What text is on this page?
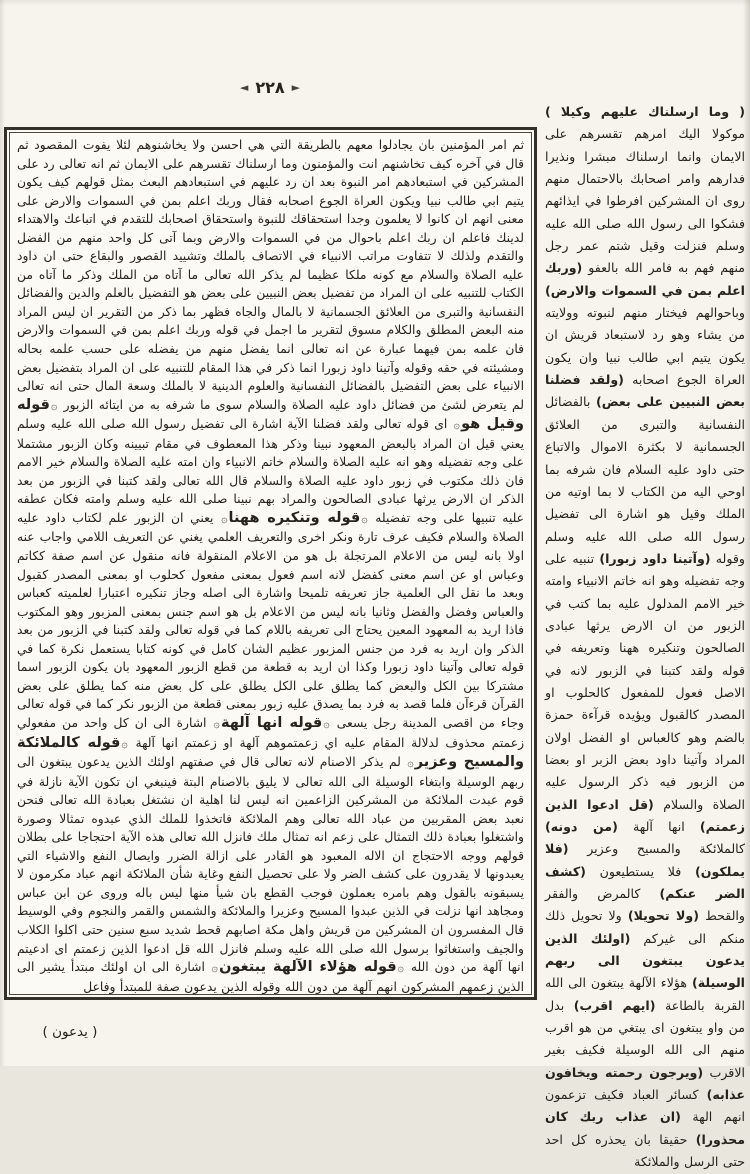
◄ ٢٢٨ ►
ثم امر المؤمنين بان يجادلوا معهم بالطريقة التي هي احسن ولا يخاشنوهم لئلا يفوت المقصود ثم قال في آخره كيف تخاشنهم انت والمؤمنون وما ارسلناك تقسرهم على الايمان ثم انه تعالى رد على المشركين في استبعادهم امر النبوة بعد ان رد عليهم في استبعادهم البعث بمثل قولهم كيف يكون يتيم ابي طالب نبيا ويكون العراة الجوع اصحابه فقال وربك اعلم بمن في السموات والارض على معنى انهم ان كانوا لا يعلمون وجدا استحقاقك للنبوة واستحقاق اصحابك للتقدم في اتباعك والاهتداء لدينك فاعلم ان ربك اعلم باحوال من في السموات والارض وبما آتى كل واحد منهم من الفضل والتقدم ولذلك لا تتفاوت مراتب الانبياء في الاتصاف بالملك وتشييد القصور والبقاع حتى ان داود عليه الصلاة والسلام مع كونه ملكا عظيما لم يذكر الله تعالى ما آتاه من الملك وذكر ما آتاه من الكتاب للتنبيه على ان المراد من تفضيل بعض النبيين على بعض هو التفضيل بالعلم والدين والفضائل النفسانية والتبرى من العلائق الجسمانية لا بالمال والجاه فظهر بما ذكر من التقرير ان ليس المراد منه البعض المطلق والكلام مسوق لتقرير ما اجمل في قوله وربك اعلم بمن في السموات والارض فان علمه بمن فيهما عبارة عن انه تعالى انما يفضل منهم من يفضله على حسب علمه بحاله ومشيئته في حقه وقوله وآتينا داود زبورا انما ذكر في هذا المقام للتنبيه على ان المراد بتفضيل بعض الانبياء على بعض التفضيل بالفضائل النفسانية والعلوم الدينية لا بالملك وسعة المال حتى انه تعالى لم يتعرض لشئ من فضائل داود عليه الصلاة والسلام سوى ما شرفه به من ايتائه الزبور ۞قوله وقيل هو۞ اى قوله تعالى ولقد فضلنا الآية اشارة الى تفضيل رسول الله صلى الله عليه وسلم يعني قيل ان المراد بالبعض المعهود نبينا وذكر هذا المعطوف في مقام تبيينه وكان الزبور مشتملا على وجه تفضيله وهو انه عليه الصلاة والسلام خاتم الانبياء وان امته عليه الصلاة والسلام خير الامم فان ذلك مكتوب في زبور داود عليه الصلاة والسلام قال الله تعالى ولقد كتبنا في الزبور من بعد الذكر ان الارض يرثها عبادى الصالحون والمراد بهم نبينا صلى الله عليه وسلم وامته فكان عطفه عليه تنبيها على وجه تفضيله ۞قوله وتنكيره ههنا۞ يعني ان الزبور علم لكتاب داود عليه الصلاة والسلام فكيف عرف تارة ونكر اخرى والتعريف العلمي يغني عن التعريف اللامي واجاب عنه اولا بانه ليس من الاعلام المرتجلة بل هو من الاعلام المنقولة فانه منقول عن اسم صفة ككاتم وعباس او عن اسم معنى كفضل لانه اسم فعول بمعنى مفعول كحلوب او بمعنى المصدر كقبول وبعد ما نقل الى العلمية جاز تعريفه تلميحا واشارة الى اصله وجاز تنكيره اعتبارا لعلميته كعباس والعباس وفضل والفضل وثانيا بانه ليس من الاعلام بل هو اسم جنس بمعنى المزبور وهو المكتوب فاذا اريد به المعهود المعين يحتاج الى تعريفه باللام كما في قوله تعالى ولقد كتبنا في الزبور من بعد الذكر وان اريد به فرد من جنس المزبور عظيم الشان كامل في كونه كتابا يستعمل نكرة كما في قوله تعالى وآتينا داود زبورا وكذا ان اريد به قطعة من قطع الزبور المعهود بان يكون الزبور اسما مشتركا بين الكل والبعض كما يطلق على الكل يطلق على كل بعض منه كما يطلق على بعض القرآن قرءآن فلما قصد به فرد بما يصدق عليه زبور بمعنى قطعة من الزبور نكر كما في قوله تعالى وجاء من اقصى المدينة رجل يسعى ۞قوله انها آلهة۞ اشارة الى ان كل واحد من مفعولي زعمتم محذوف لدلالة المقام عليه اي زعمتموهم آلهة او زعمتم انها آلهة ۞قوله كالملائكة والمسيح وعزير۞ لم يذكر الاصنام لانه تعالى قال في صفتهم اولئك الذين يدعون يبتغون الى ربهم الوسيلة وابتغاء الوسيلة الى الله تعالى لا يليق بالاصنام البتة فينبغي ان تكون الآية نازلة في قوم عبدت الملائكة من المشركين الزاعمين انه ليس لنا اهلية ان نشتغل بعبادة الله تعالى فنحن نعبد بعض المقربين من عباد الله تعالى وهم الملائكة فاتخذوا للملك الذي عبدوه تمثالا وصورة واشتغلوا بعبادة ذلك التمثال على زعم انه تمثال ملك فانزل الله تعالى هذه الآية احتجاجا على بطلان قولهم ووجه الاحتجاج ان الاله المعبود هو القادر على ازالة الضرر وايصال النفع والاشياء التي يعبدونها لا يقدرون على كشف الضر ولا على تحصيل النفع وغاية شأن الملائكة انهم عباد مكرمون لا يسبقونه بالقول وهم بامره يعملون فوجب القطع بان شيأ منها ليس باله وروى عن ابن عباس ومجاهد انها نزلت في الذين عبدوا المسيح وعزيرا والملائكة والشمس والقمر والنجوم وفي الوسيط قال المفسرون ان المشركين من قريش واهل مكة اصابهم قحط شديد سبع سنين حتى اكلوا الكلاب والجيف واستغاثوا برسول الله صلى الله عليه وسلم فانزل الله قل ادعوا الذين زعمتم اى ادعيتم انها آلهة من دون الله ۞قوله هؤلاء الآلهة يبتغون۞ اشارة الى ان اولئك مبتدأ يشير الى الذين زعمهم المشركون انهم آلهة من دون الله وقوله الذين يدعون صفة للمبتدأ وفاعل
( وما ارسلناك عليهم وكيلا ) موكولا اليك امرهم تقسرهم على الايمان وانما ارسلناك مبشرا ونذيرا فدارهم وامر اصحابك بالاحتمال منهم روى ان المشركين افرطوا في ايذائهم فشكوا الى رسول الله صلى الله عليه وسلم فنزلت وقيل شتم عمر رجل منهم فهم به فامر الله بالعفو (وربك اعلم بمن في السموات والارض) وباحوالهم فيختار منهم لنبوته وولايته من يشاء وهو رد لاستبعاد قريش ان يكون يتيم ابي طالب نبيا وان يكون العراة الجوع اصحابه (ولقد فضلنا بعض النبيين على بعض) بالفضائل النفسانية والتبرى من العلائق الجسمانية لا بكثرة الاموال والاتباع حتى داود عليه السلام فان شرفه بما اوحي اليه من الكتاب لا بما اوتيه من الملك وقيل هو اشارة الى تفضيل رسول الله صلى الله عليه وسلم وقوله (وآتينا داود زبورا) تنبيه على وجه تفضيله وهو انه خاتم الانبياء وامته خير الامم المدلول عليه بما كتب في الزبور من ان الارض يرثها عبادى الصالحون وتنكيره ههنا وتعريفه في قوله ولقد كتبنا في الزبور لانه في الاصل فعول للمفعول كالحلوب او المصدر كالقبول ويؤيده قرآءة حمزة بالضم وهو كالعباس او الفضل اولان المراد وآتينا داود بعض الزبر او بعضا من الزبور فيه ذكر الرسول عليه الصلاة والسلام (قل ادعوا الذين زعمتم) انها آلهة (من دونه) كالملائكة والمسيح وعزير (فلا يملكون) فلا يستطيعون (كشف الضر عنكم) كالمرض والفقر والقحط (ولا تحويلا) ولا تحويل ذلك منكم الى غيركم (اولئك الذين يدعون يبتغون الى ربهم الوسيلة) هؤلاء الآلهة يبتغون الى الله القربة بالطاعة (ايهم اقرب) بدل من واو يبتغون اى يبتغي من هو اقرب منهم الى الله الوسيلة فكيف بغير الاقرب (ويرجون رحمته ويخافون عذابه) كسائر العباد فكيف تزعمون انهم الهة (ان عذاب ربك كان محذورا) حقيقا بان يحذره كل احد حتى الرسل والملائكة
( يدعون )
